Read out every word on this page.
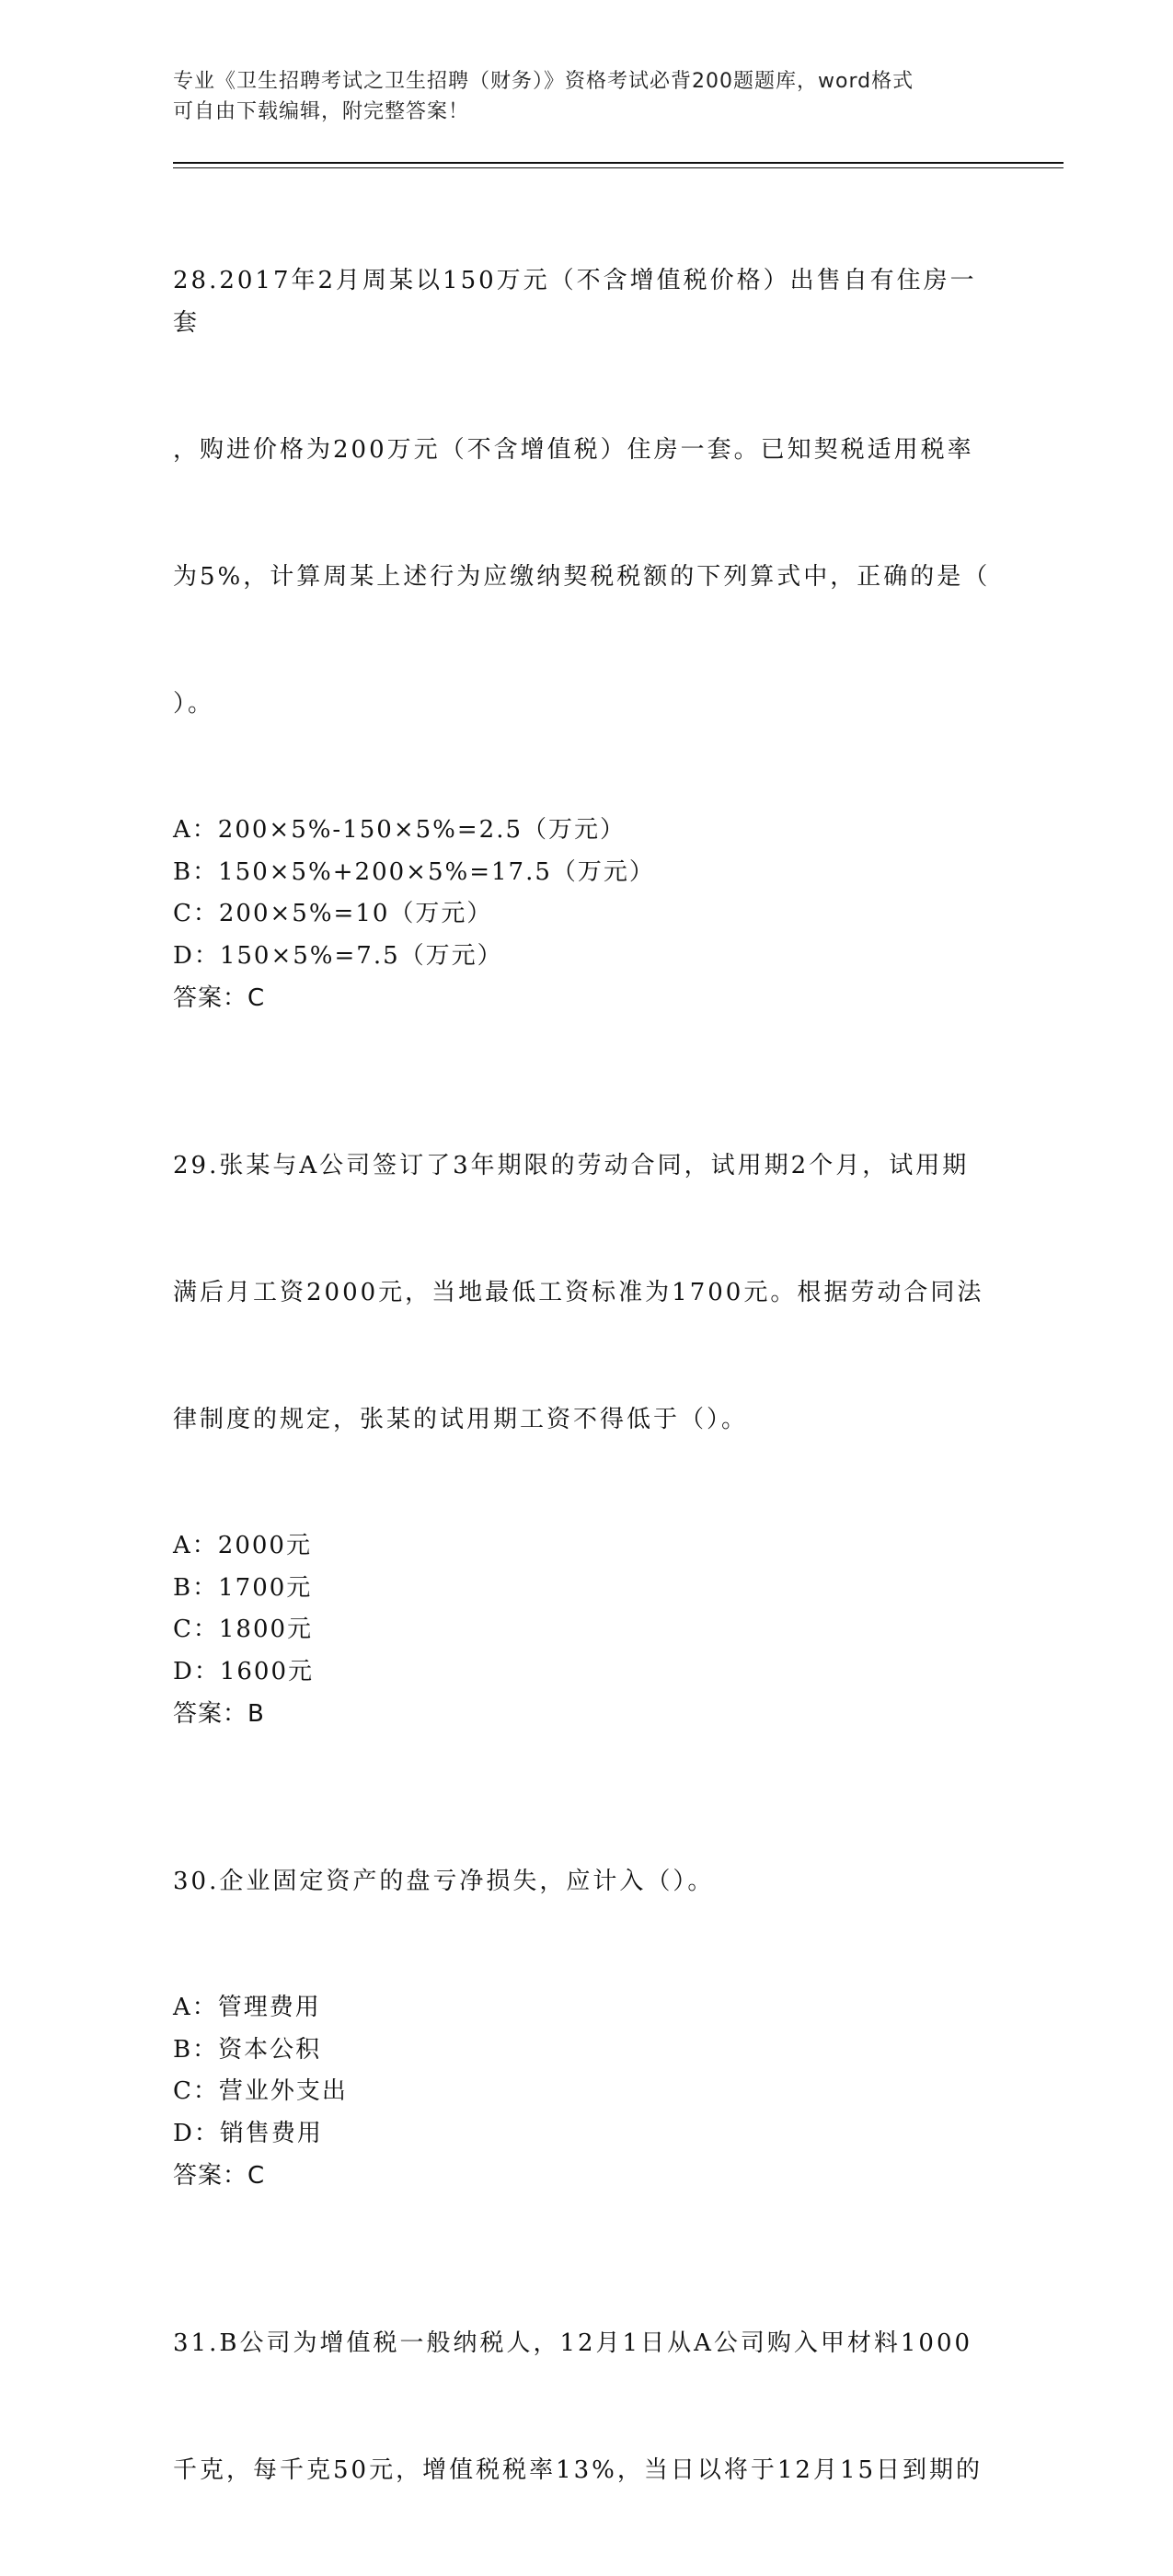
专业《卫生招聘考试之卫生招聘（财务）》资格考试必背200题题库，word格式
可自由下载编辑，附完整答案！

28.2017年2月周某以150万元（不含增值税价格）出售自有住房一套

，购进价格为200万元（不含增值税）住房一套。已知契税适用税率

为5%，计算周某上述行为应缴纳契税税额的下列算式中，正确的是（

）。

A：200×5%-150×5%=2.5（万元）

B：150×5%+200×5%=17.5（万元）

C：200×5%=10（万元）

D：150×5%=7.5（万元）

答案：C

29.张某与A公司签订了3年期限的劳动合同，试用期2个月，试用期

满后月工资2000元，当地最低工资标准为1700元。根据劳动合同法

律制度的规定，张某的试用期工资不得低于（）。

A：2000元

B：1700元

C：1800元

D：1600元

答案：B

30.企业固定资产的盘亏净损失，应计入（）。

A：管理费用

B：资本公积

C：营业外支出

D：销售费用

答案：C

31.B公司为增值税一般纳税人，12月1日从A公司购入甲材料1000

千克，每千克50元，增值税税率13%，当日以将于12月15日到期的
